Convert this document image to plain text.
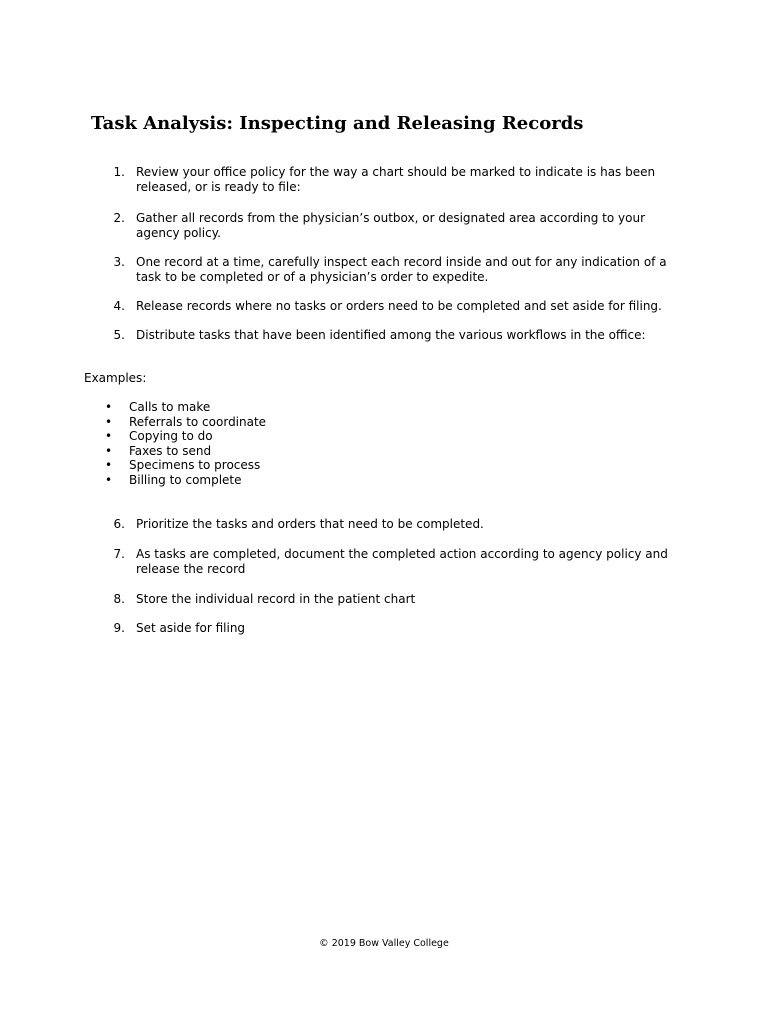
Task Analysis: Inspecting and Releasing Records
1. Review your office policy for the way a chart should be marked to indicate is has been released, or is ready to file:
2. Gather all records from the physician’s outbox, or designated area according to your agency policy.
3. One record at a time, carefully inspect each record inside and out for any indication of a task to be completed or of a physician’s order to expedite.
4. Release records where no tasks or orders need to be completed and set aside for filing.
5. Distribute tasks that have been identified among the various workflows in the office:

Examples:

• Calls to make
• Referrals to coordinate
• Copying to do
• Faxes to send
• Specimens to process
• Billing to complete
6. Prioritize the tasks and orders that need to be completed.
7. As tasks are completed, document the completed action according to agency policy and release the record
8. Store the individual record in the patient chart
9. Set aside for filing
© 2019 Bow Valley College
